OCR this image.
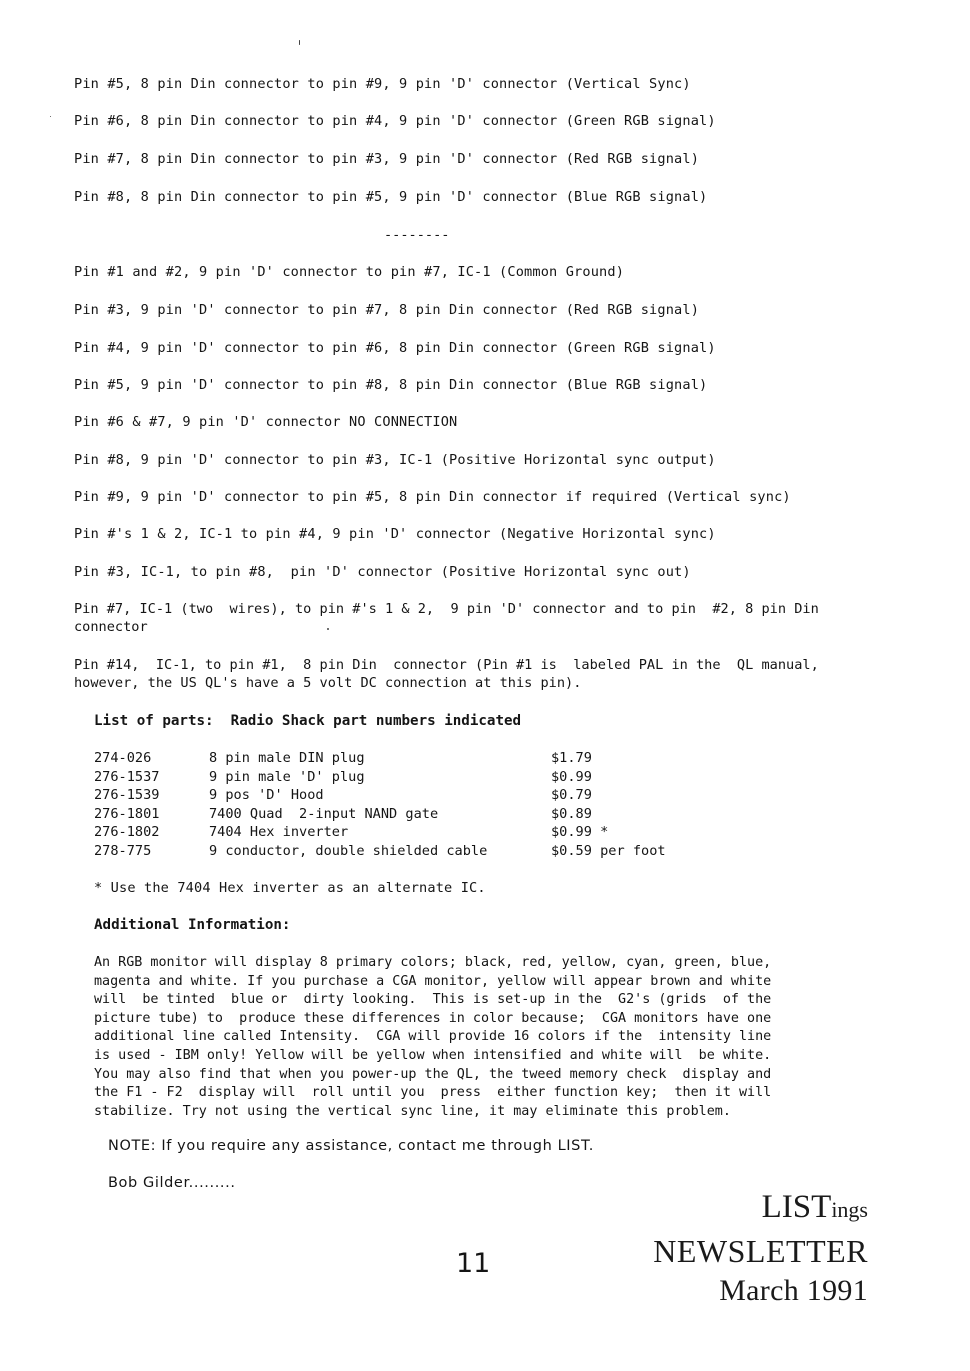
Pin #5, 8 pin Din connector to pin #9, 9 pin 'D' connector (Vertical Sync)
Pin #6, 8 pin Din connector to pin #4, 9 pin 'D' connector (Green RGB signal)
Pin #7, 8 pin Din connector to pin #3, 9 pin 'D' connector (Red RGB signal)
Pin #8, 8 pin Din connector to pin #5, 9 pin 'D' connector (Blue RGB signal)
--------
Pin #1 and #2, 9 pin 'D' connector to pin #7, IC-1 (Common Ground)
Pin #3, 9 pin 'D' connector to pin #7, 8 pin Din connector (Red RGB signal)
Pin #4, 9 pin 'D' connector to pin #6, 8 pin Din connector (Green RGB signal)
Pin #5, 9 pin 'D' connector to pin #8, 8 pin Din connector (Blue RGB signal)
Pin #6 & #7, 9 pin 'D' connector NO CONNECTION
Pin #8, 9 pin 'D' connector to pin #3, IC-1 (Positive Horizontal sync output)
Pin #9, 9 pin 'D' connector to pin #5, 8 pin Din connector if required (Vertical sync)
Pin #'s 1 & 2, IC-1 to pin #4, 9 pin 'D' connector (Negative Horizontal sync)
Pin #3, IC-1, to pin #8,  pin 'D' connector (Positive Horizontal sync out)
Pin #7, IC-1 (two  wires), to pin #'s 1 & 2,  9 pin 'D' connector and to pin  #2, 8 pin Din
connector
Pin #14,  IC-1, to pin #1,  8 pin Din  connector (Pin #1 is  labeled PAL in the  QL manual,
however, the US QL's have a 5 volt DC connection at this pin).
List of parts:  Radio Shack part numbers indicated
274-026	8 pin male DIN plug	$1.79
276-1537	9 pin male 'D' plug	$0.99
276-1539	9 pos 'D' Hood	$0.79
276-1801	7400 Quad  2-input NAND gate	$0.89
276-1802	7404 Hex inverter	$0.99 *
278-775	9 conductor, double shielded cable	$0.59 per foot
* Use the 7404 Hex inverter as an alternate IC.
Additional Information:
An RGB monitor will display 8 primary colors; black, red, yellow, cyan, green, blue,
magenta and white. If you purchase a CGA monitor, yellow will appear brown and white
will  be tinted  blue or  dirty looking.  This is set-up in the  G2's (grids  of the
picture tube) to  produce these differences in color because;  CGA monitors have one
additional line called Intensity.  CGA will provide 16 colors if the  intensity line
is used - IBM only! Yellow will be yellow when intensified and white will  be white.
You may also find that when you power-up the QL, the tweed memory check  display and
the F1 - F2  display will  roll until you  press  either function key;  then it will
stabilize. Try not using the vertical sync line, it may eliminate this problem.
NOTE: If you require any assistance, contact me through LIST.
Bob Gilder.........
11
LISTings
NEWSLETTER
March 1991
